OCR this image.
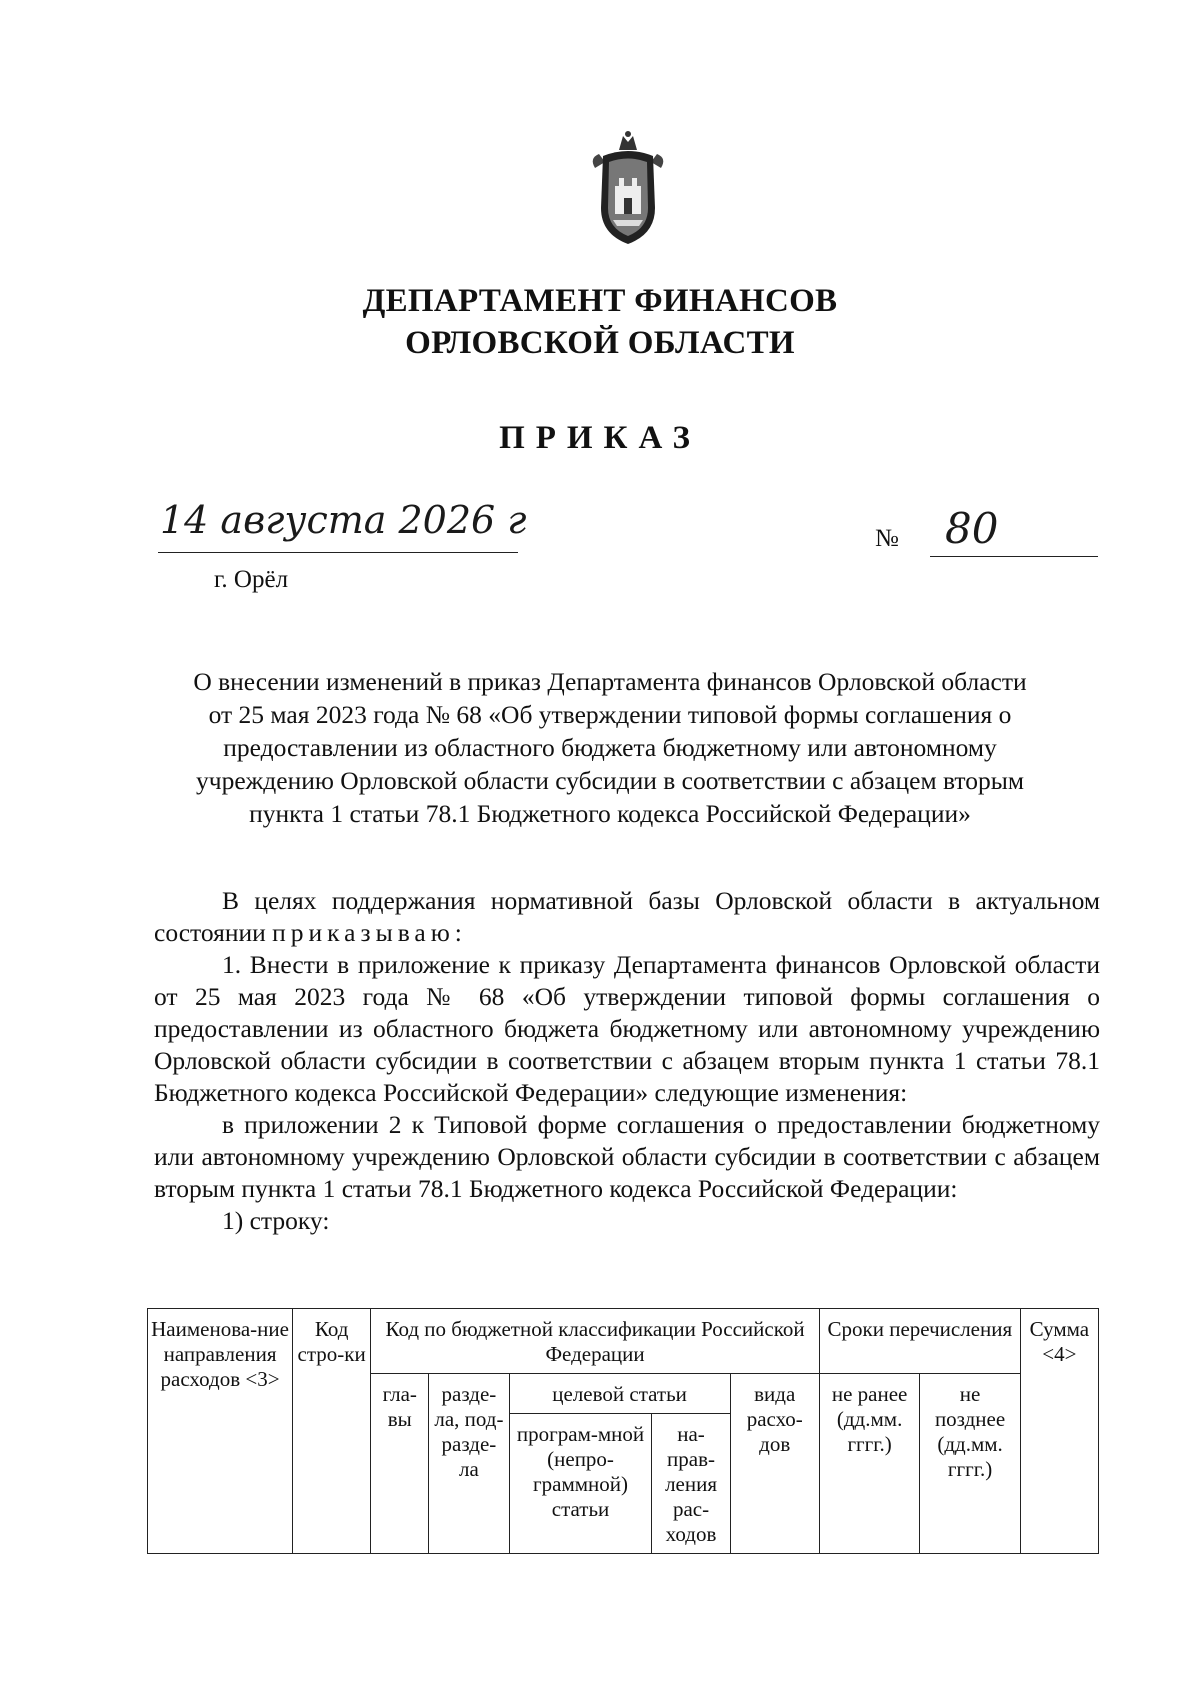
ДЕПАРТАМЕНТ ФИНАНСОВ
ОРЛОВСКОЙ ОБЛАСТИ
ПРИКАЗ
14 августа 2026 г
г. Орёл
№ 80
О внесении изменений в приказ Департамента финансов Орловской области
от 25 мая 2023 года № 68 «Об утверждении типовой формы соглашения о
предоставлении из областного бюджета бюджетному или автономному
учреждению Орловской области субсидии в соответствии с абзацем вторым
пункта 1 статьи 78.1 Бюджетного кодекса Российской Федерации»

В целях поддержания нормативной базы Орловской области в актуальном состоянии приказываю:

1. Внести в приложение к приказу Департамента финансов Орловской области от 25 мая 2023 года № 68 «Об утверждении типовой формы соглашения о предоставлении из областного бюджета бюджетному или автономному учреждению Орловской области субсидии в соответствии с абзацем вторым пункта 1 статьи 78.1 Бюджетного кодекса Российской Федерации» следующие изменения:

в приложении 2 к Типовой форме соглашения о предоставлении бюджетному или автономному учреждению Орловской области субсидии в соответствии с абзацем вторым пункта 1 статьи 78.1 Бюджетного кодекса Российской Федерации:

1) строку:

Наименова-ние направления расходов <3>	Код стро-ки	Код по бюджетной классификации Российской Федерации					Сроки перечисления		Сумма <4>
		гла-вы	разде-ла, под-разде-ла	целевой статьи		вида расхо-дов	не ранее (дд.мм. гггг.)	не позднее (дд.мм. гггг.)	
				програм-мной (непро-граммной) статьи	на-прав-ления рас-ходов				
